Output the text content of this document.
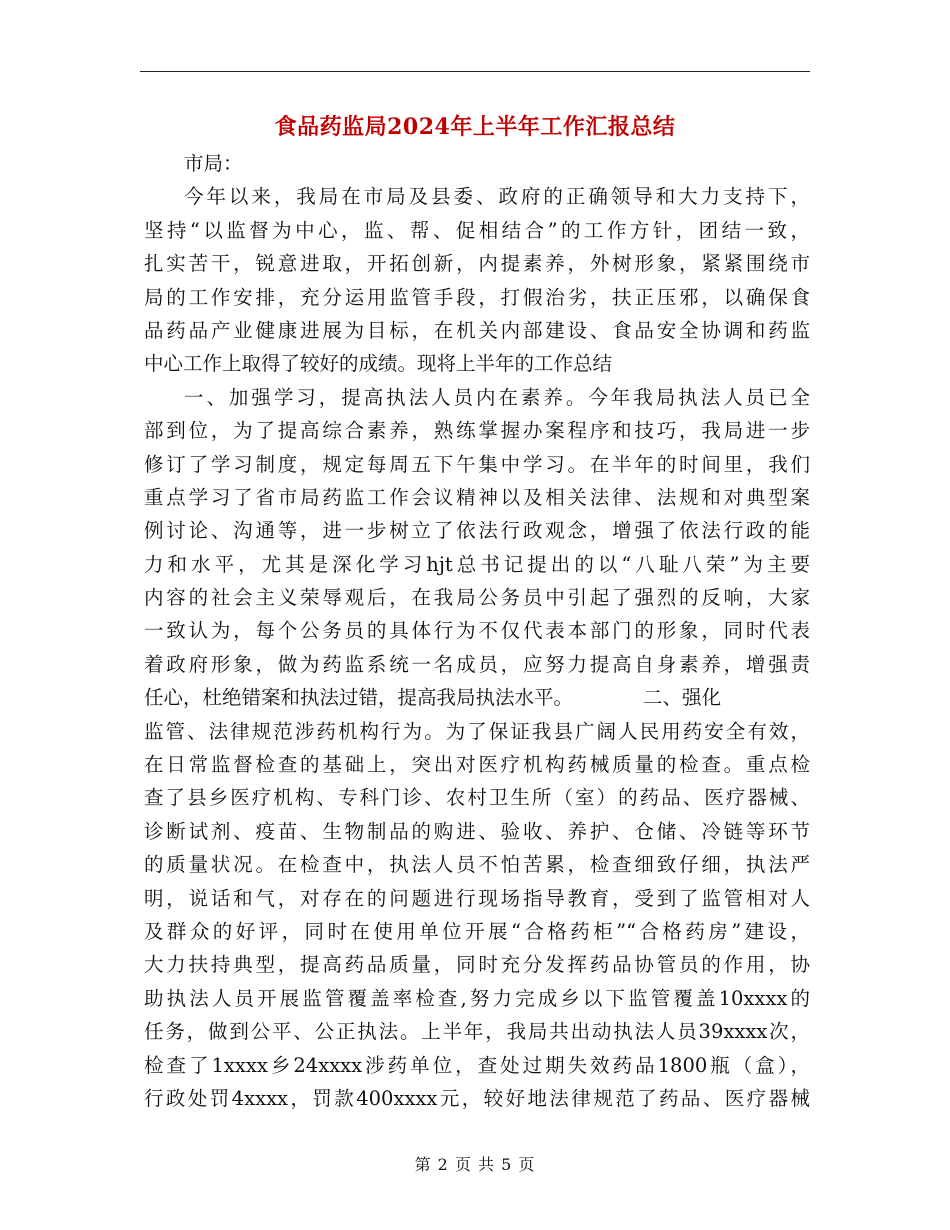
食品药监局2024年上半年工作汇报总结
市局：
今年以来，我局在市局及县委、政府的正确领导和大力支持下，
坚持“以监督为中心，监、帮、促相结合”的工作方针，团结一致，
扎实苦干，锐意进取，开拓创新，内提素养，外树形象，紧紧围绕市
局的工作安排，充分运用监管手段，打假治劣，扶正压邪，以确保食
品药品产业健康进展为目标，在机关内部建设、食品安全协调和药监
中心工作上取得了较好的成绩。现将上半年的工作总结
一、加强学习，提高执法人员内在素养。今年我局执法人员已全
部到位，为了提高综合素养，熟练掌握办案程序和技巧，我局进一步
修订了学习制度，规定每周五下午集中学习。在半年的时间里，我们
重点学习了省市局药监工作会议精神以及相关法律、法规和对典型案
例讨论、沟通等，进一步树立了依法行政观念，增强了依法行政的能
力和水平，尤其是深化学习hjt总书记提出的以“八耻八荣”为主要
内容的社会主义荣辱观后，在我局公务员中引起了强烈的反响，大家
一致认为，每个公务员的具体行为不仅代表本部门的形象，同时代表
着政府形象，做为药监系统一名成员，应努力提高自身素养，增强责
任心，杜绝错案和执法过错，提高我局执法水平。	二、强化
监管、法律规范涉药机构行为。为了保证我县广阔人民用药安全有效，
在日常监督检查的基础上，突出对医疗机构药械质量的检查。重点检
查了县乡医疗机构、专科门诊、农村卫生所（室）的药品、医疗器械、
诊断试剂、疫苗、生物制品的购进、验收、养护、仓储、冷链等环节
的质量状况。在检查中，执法人员不怕苦累，检查细致仔细，执法严
明，说话和气，对存在的问题进行现场指导教育，受到了监管相对人
及群众的好评，同时在使用单位开展“合格药柜”“合格药房”建设，
大力扶持典型，提高药品质量，同时充分发挥药品协管员的作用，协
助执法人员开展监管覆盖率检查,努力完成乡以下监管覆盖10xxxx的
任务，做到公平、公正执法。上半年，我局共出动执法人员39xxxx次，
检查了1xxxx乡24xxxx涉药单位，查处过期失效药品1800瓶（盒），
行政处罚4xxxx，罚款400xxxx元，较好地法律规范了药品、医疗器械
第 2 页 共 5 页
